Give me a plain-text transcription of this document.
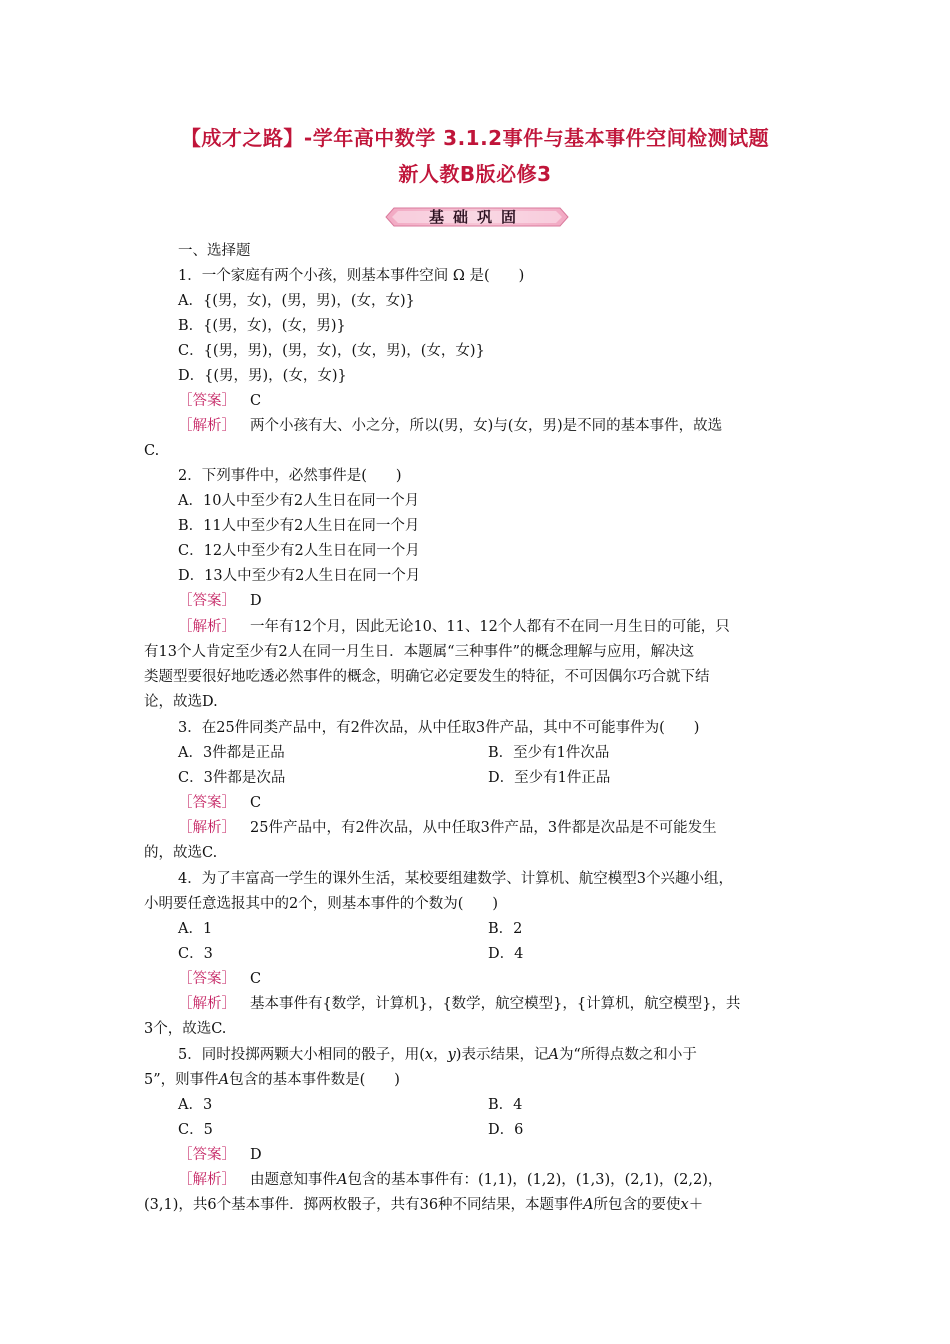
【成才之路】-学年高中数学 3.1.2事件与基本事件空间检测试题
新人教B版必修3
基础巩固
一、选择题
1．一个家庭有两个小孩，则基本事件空间 Ω 是(　　)
A．{(男，女)，(男，男)，(女，女)}
B．{(男，女)，(女，男)}
C．{(男，男)，(男，女)，(女，男)，(女，女)}
D．{(男，男)，(女，女)}
［答案］ C
［解析］ 两个小孩有大、小之分，所以(男，女)与(女，男)是不同的基本事件，故选
C.
2．下列事件中，必然事件是(　　)
A．10人中至少有2人生日在同一个月
B．11人中至少有2人生日在同一个月
C．12人中至少有2人生日在同一个月
D．13人中至少有2人生日在同一个月
［答案］ D
［解析］ 一年有12个月，因此无论10、11、12个人都有不在同一月生日的可能，只
有13个人肯定至少有2人在同一月生日．本题属“三种事件”的概念理解与应用，解决这
类题型要很好地吃透必然事件的概念，明确它必定要发生的特征，不可因偶尔巧合就下结
论，故选D.
3．在25件同类产品中，有2件次品，从中任取3件产品，其中不可能事件为(　　)
A．3件都是正品	B．至少有1件次品
C．3件都是次品	D．至少有1件正品
［答案］ C
［解析］ 25件产品中，有2件次品，从中任取3件产品，3件都是次品是不可能发生
的，故选C.
4．为了丰富高一学生的课外生活，某校要组建数学、计算机、航空模型3个兴趣小组，
小明要任意选报其中的2个，则基本事件的个数为(　　)
A．1	B．2
C．3	D．4
［答案］ C
［解析］ 基本事件有{数学，计算机}，{数学，航空模型}，{计算机，航空模型}，共
3个，故选C.
5．同时投掷两颗大小相同的骰子，用(x，y)表示结果，记A为“所得点数之和小于
5”，则事件A包含的基本事件数是(　　)
A．3	B．4
C．5	D．6
［答案］ D
［解析］ 由题意知事件A包含的基本事件有：(1,1)，(1,2)，(1,3)，(2,1)，(2,2)，
(3,1)，共6个基本事件．掷两枚骰子，共有36种不同结果，本题事件A所包含的要使x＋
